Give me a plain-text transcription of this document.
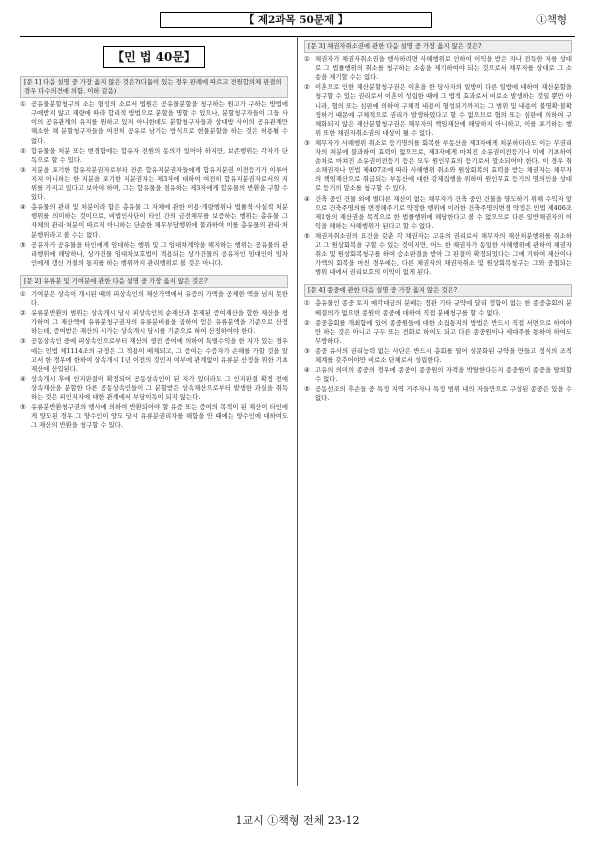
【 제2과목 50문제 】	①책형
【민 법 40문】
[문 1] 다음 설명 중 가장 옳지 않은 것은?(다툼이 있는 경우 판례에 따르고 전원합의체 판결의 경우 다수의견에 의함. 이하 같음)
① 공유물분할청구의 소는 형성의 소로서 법원은 공유물분할을 청구하는 원고가 구하는 방법에 구애받지 않고 재량에 따라 합리적 방법으로 분할을 명할 수 있으나, 분할청구자들이 그들 사이의 공유관계의 유지를 원하고 있지 아니한데도 분할청구자들과 상대방 사이의 공유관계만 해소한 채 분할청구자들을 여전히 공유로 남기는 방식으로 현물분할을 하는 것은 허용될 수 없다.
② 합유물을 처분 또는 변경함에는 합유자 전원의 동의가 있어야 하지만, 보존행위는 각자가 단독으로 할 수 있다.
③ 지분을 포기한 합유지분권자로부터 잔존 합유지분권자들에게 합유지분권 이전등기가 이루어지지 아니하는 한 지분을 포기한 지분권자는 제3자에 대하여 여전히 합유지분권자로서의 지위를 가지고 있다고 보아야 하며, 그는 합유물을 점유하는 제3자에게 합유물의 반환을 구할 수 있다.
④ 총유물의 관리 및 처분이라 함은 총유물 그 자체에 관한 이용·개량행위나 법률적·사실적 처분행위를 의미하는 것이므로, 비법인사단이 타인 간의 금전채무를 보증하는 행위는 총유물 그 자체의 관리·처분이 따르지 아니하는 단순한 채무부담행위에 불과하여 이를 총유물의 관리·처분행위라고 볼 수는 없다.
⑤ 공유자가 공유물을 타인에게 임대하는 행위 및 그 임대차계약을 해지하는 행위는 공유물의 관리행위에 해당하나, 상가건물 임대차보호법이 적용되는 상가건물의 공유자인 임대인이 임차인에게 갱신 거절의 통지를 하는 행위까지 관리행위로 볼 것은 아니다.
[문 2] 유류분 및 기여분에 관한 다음 설명 중 가장 옳지 않은 것은?
① 기여분은 상속이 개시된 때의 피상속인의 재산가액에서 유증의 가액을 공제한 액을 넘지 못한다.
② 유류분반환의 범위는 상속개시 당시 피상속인의 순재산과 문제된 증여재산을 합한 재산을 평가하여 그 재산액에 유류분청구권자의 유류분비율을 곱하여 얻은 유류분액을 기준으로 산정하는데, 증여받은 재산의 시가는 상속개시 당시를 기준으로 하여 산정하여야 한다.
③ 공동상속인 중에 피상속인으로부터 재산의 생전 증여에 의하여 특별수익을 한 자가 있는 경우에는 민법 제1114조의 규정은 그 적용이 배제되고, 그 증여는 수증자가 손해를 가할 것을 알고서 한 경우에 한하여 상속개시 1년 이전의 것인지 여부에 관계없이 유류분 산정을 위한 기초재산에 산입된다.
④ 상속개시 후에 인지판결이 확정되어 공동상속인이 된 자가 있더라도 그 인지판결 확정 전에 상속재산을 분할한 다른 공동상속인들이 그 분할받은 상속재산으로부터 발생한 과실을 취득하는 것은 피인지자에 대한 관계에서 부당이득이 되지 않는다.
⑤ 유류분반환청구권의 행사에 의하여 반환되어야 할 유증 또는 증여의 목적이 된 재산이 타인에게 양도된 경우 그 양수인이 양도 당시 유류분권리자를 해함을 안 때에는 양수인에 대하여도 그 재산의 반환을 청구할 수 있다.
[문 3] 채권자취소권에 관한 다음 설명 중 가장 옳지 않은 것은?
① 채권자가 채권자취소권을 행사하려면 사해행위로 인하여 이익을 받은 자나 전득한 자를 상대로 그 법률행위의 취소를 청구하는 소송을 제기하여야 되는 것으로서 채무자를 상대로 그 소송을 제기할 수는 없다.
② 이혼으로 인한 재산분할청구권은 이혼을 한 당사자의 일방이 다른 일방에 대하여 재산분할을 청구할 수 있는 권리로서 이혼이 성립한 때에 그 법적 효과로서 비로소 발생하는 것일 뿐만 아니라, 협의 또는 심판에 의하여 구체적 내용이 형성되기까지는 그 범위 및 내용이 불명확·불확정하기 때문에 구체적으로 권리가 발생하였다고 할 수 없으므로 협의 또는 심판에 의하여 구체화되지 않은 재산분할청구권은 채무자의 책임재산에 해당하지 아니하고, 이를 포기하는 행위 또한 채권자취소권의 대상이 될 수 없다.
③ 채무자가 사해행위 취소로 등기명의를 회복한 부동산을 제3자에게 처분하더라도 이는 무권리자의 처분에 불과하여 효력이 없으므로, 제3자에게 마쳐진 소유권이전등기나 이에 기초하여 순차로 마쳐진 소유권이전등기 등은 모두 원인무효의 등기로서 말소되어야 한다. 이 경우 취소채권자나 민법 제407조에 따라 사해행위 취소와 원상회복의 효력을 받는 채권자는 채무자의 책임재산으로 취급되는 부동산에 대한 강제집행을 위하여 원인무효 등기의 명의인을 상대로 등기의 말소를 청구할 수 있다.
④ 건축 중인 건물 외에 별다른 재산이 없는 채무자가 건축 중인 건물을 양도하기 위해 수익자 앞으로 건축주명의를 변경해주기로 약정한 행위에 이러한 건축주명의변경 약정은 민법 제406조 제1항의 재산권을 목적으로 한 법률행위에 해당한다고 볼 수 없으므로 다른 일반채권자의 이익을 해하는 사해행위가 된다고 할 수 없다.
⑤ 채권자취소권의 요건을 갖춘 각 채권자는 고유의 권리로서 채무자의 재산처분행위를 취소하고 그 원상회복을 구할 수 있는 것이지만, 어느 한 채권자가 동일한 사해행위에 관하여 채권자취소 및 원상회복청구를 하여 승소판결을 받아 그 판결이 확정되었다는 그에 기하여 재산이나 가액의 회복을 마친 경우에는, 다른 채권자의 채권자취소 및 원상회복청구는 그와 중첩되는 범위 내에서 권리보호의 이익이 없게 된다.
[문 4] 종중에 관한 다음 설명 중 가장 옳지 않은 것은?
① 총유물인 종중 토지 매각대금의 분배는 정관 기타 규약에 달리 정함이 없는 한 종중총회의 분배결의가 없으면 종원이 종중에 대하여 직접 분배청구를 할 수 없다.
② 종중총회를 개최함에 있어 종중원들에 대한 소집통지의 방법은 반드시 직접 서면으로 하여야만 하는 것은 아니고 구두 또는 전화로 하여도 되고 다른 종중원이나 세대주를 통하여 하여도 무방하다.
③ 종중 유사의 권리능력 없는 사단은 반드시 총회를 열어 성문화된 규약을 만들고 정식의 조직체계를 갖추어야만 비로소 단체로서 성립한다.
④ 고유의 의미의 종중의 경우에 종중이 종중원의 자격을 박탈한다든지 종중원이 종중을 탈퇴할 수 없다.
⑤ 공동선조의 후손들 중 특정 지역 거주자나 특정 범위 내의 자들만으로 구성된 종중은 있을 수 없다.
1교시 ①책형 전체 23-12
